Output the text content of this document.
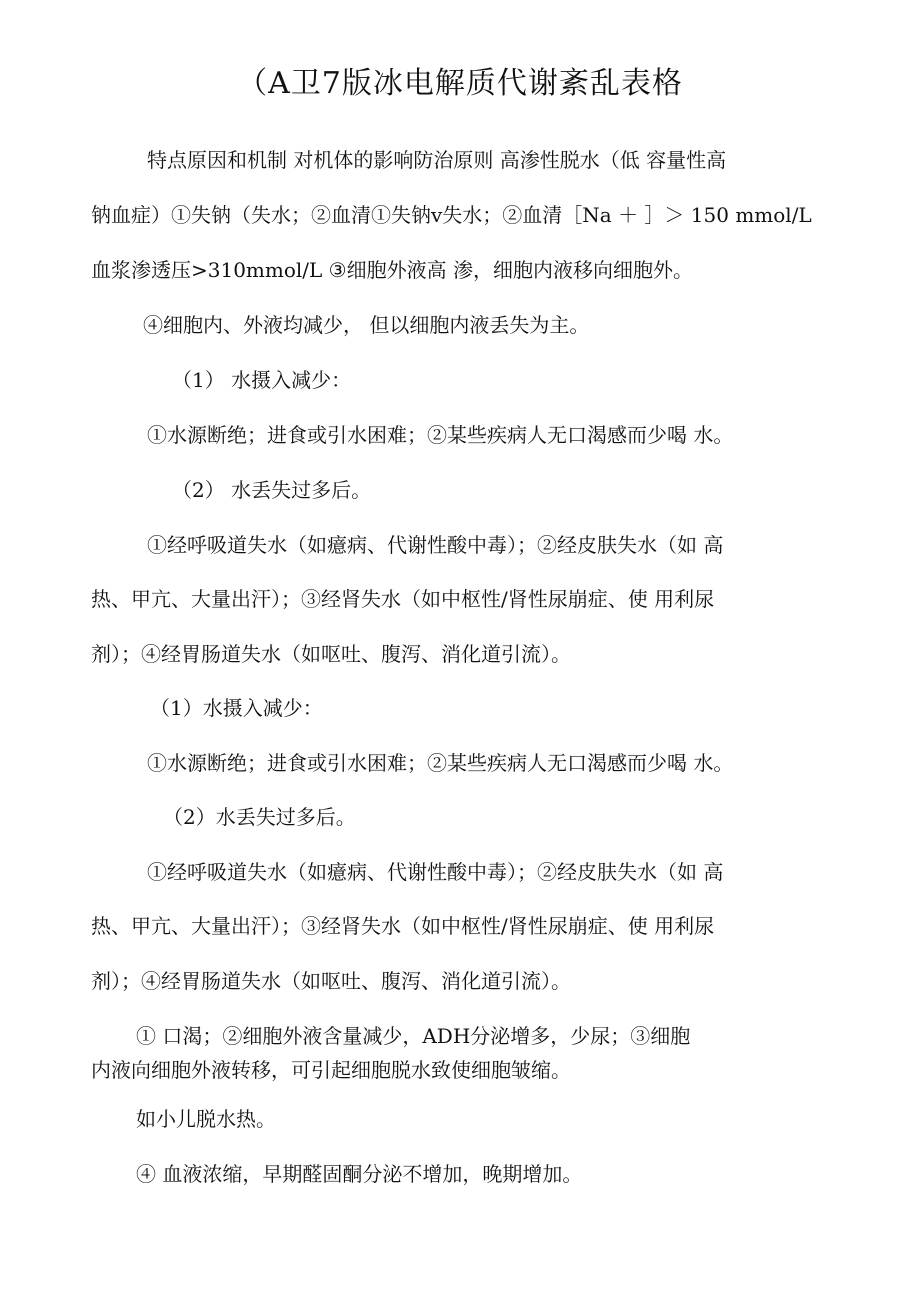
（A卫7版冰电解质代谢紊乱表格

特点原因和机制 对机体的影响防治原则 高渗性脱水（低 容量性高

钠血症）①失钠（失水；②血清①失钠v失水；②血清［Na ＋ ］＞ 150 mmol/L

血浆渗透压>310mmol/L ③细胞外液高 渗，细胞内液移向细胞外。

④细胞内、外液均减少， 但以细胞内液丢失为主。

（1） 水摄入减少：

①水源断绝；进食或引水困难；②某些疾病人无口渴感而少喝 水。

（2） 水丢失过多后。

①经呼吸道失水（如癔病、代谢性酸中毒）；②经皮肤失水（如 高

热、甲亢、大量出汗）；③经肾失水（如中枢性/肾性尿崩症、使 用利尿

剂）；④经胃肠道失水（如呕吐、腹泻、消化道引流）。

（1）水摄入减少：

①水源断绝；进食或引水困难；②某些疾病人无口渴感而少喝 水。

（2）水丢失过多后。

①经呼吸道失水（如癔病、代谢性酸中毒）；②经皮肤失水（如 高

热、甲亢、大量出汗）；③经肾失水（如中枢性/肾性尿崩症、使 用利尿

剂）；④经胃肠道失水（如呕吐、腹泻、消化道引流）。

① 口渴；②细胞外液含量减少，ADH分泌增多，少尿；③细胞

内液向细胞外液转移，可引起细胞脱水致使细胞皱缩。

如小儿脱水热。

④ 血液浓缩，早期醛固酮分泌不增加，晚期增加。
